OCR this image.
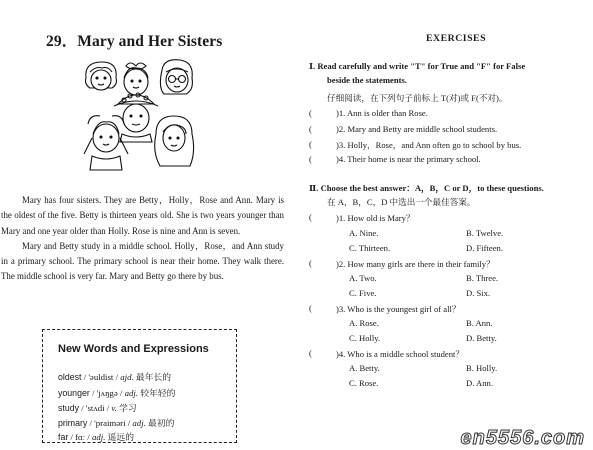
29．Mary and Her Sisters

Mary has four sisters. They are Betty，Holly，Rose and Ann. Mary is the oldest of the five. Betty is thirteen years old. She is two years younger than Mary and one year older than Holly. Rose is nine and Ann is seven.

Mary and Betty study in a middle school. Holly，Rose，and Ann study in a primary school. The primary school is near their home. They walk there. The middle school is very far. Mary and Betty go there by bus.

New Words and Expressions
oldest / 'əuldist / ajd. 最年长的
younger / 'jʌŋgə / adj. 较年轻的
study / 'stʌdi / v. 学习
primary / 'praiməri / adj. 最初的
far / fɑː / adj. 遥远的
EXERCISES
Ⅰ. Read carefully and write "T" for True and "F" for False
beside the statements.
仔细阅读，在下列句子前标上 T(对)或 F(不对)。
(	)1. Ann is older than Rose.
(	)2. Mary and Betty are middle school students.
(	)3. Holly，Rose，and Ann often go to school by bus.
(	)4. Their home is near the primary school.
Ⅱ. Choose the best answer：A，B，C or D，to these questions.
在 A，B，C，D 中选出一个最佳答案。
(	)1. How old is Mary？
A. Nine.	B. Twelve.
C. Thirteen.	D. Fifteen.
(	)2. How many girls are there in their family？
A. Two.	B. Three.
C. Five.	D. Six.
(	)3. Who is the youngest girl of all？
A. Rose.	B. Ann.
C. Holly.	D. Betty.
(	)4. Who is a middle school student？
A. Betty.	B. Holly.
C. Rose.	D. Ann.
en5556.com
